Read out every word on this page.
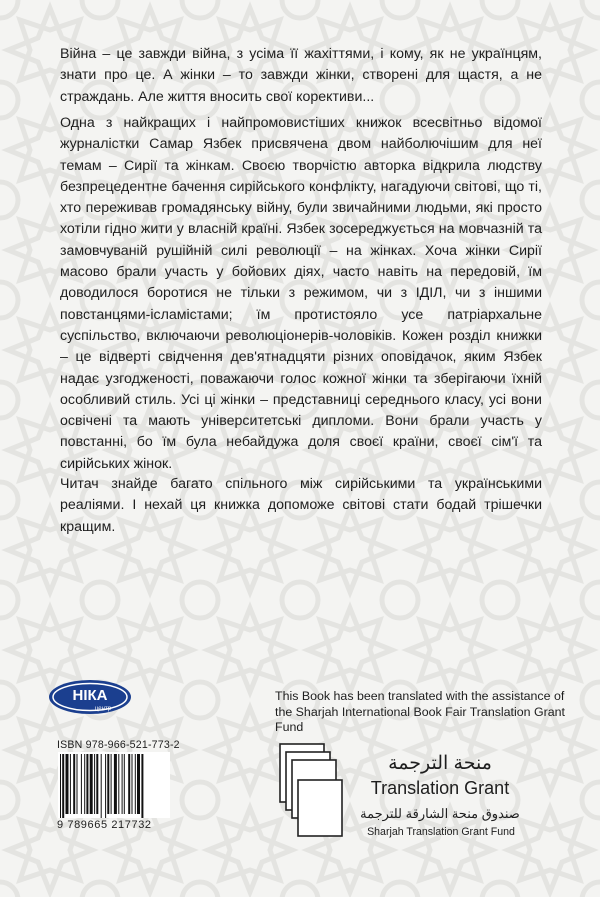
Війна – це завжди війна, з усіма її жахіттями, і кому, як не українцям, знати про це. А жінки – то завжди жінки, створені для щастя, а не страждань. Але життя вносить свої корективи...

Одна з найкращих і найпромовистіших книжок всесвітньо відомої журналістки Самар Язбек присвячена двом найболючішим для неї темам – Сирії та жінкам. Своєю творчістю авторка відкрила людству безпрецедентне бачення сирійського конфлікту, нагадуючи світові, що ті, хто переживав громадянську війну, були звичайними людьми, які просто хотіли гідно жити у власній країні. Язбек зосереджується на мовчазній та замовчуваній рушійній силі революції – на жінках. Хоча жінки Сирії масово брали участь у бойових діях, часто навіть на передовій, їм доводилося боротися не тільки з режимом, чи з ІДІЛ, чи з іншими повстанцями-ісламістами; їм протистояло усе патріархальне суспільство, включаючи революціонерів-чоловіків. Кожен розділ книжки – це відверті свідчення дев'ятнадцяти різних оповідачок, яким Язбек надає узгодженості, поважаючи голос кожної жінки та зберігаючи їхній особливий стиль. Усі ці жінки – представниці середнього класу, усі вони освічені та мають університетські дипломи. Вони брали участь у повстанні, бо їм була небайдужа доля своєї країни, своєї сім'ї та сирійських жінок.

Читач знайде багато спільного між сирійськими та українськими реаліями. І нехай ця книжка допоможе світові стати бодай трішечки кращим.

НІКА
центр
This Book has been translated with the assistance of the Sharjah International Book Fair Translation Grant Fund
ISBN 978-966-521-773-2
9 789665 217732
منحة الترجمة
Translation Grant
صندوق منحة الشارقة للترجمة
Sharjah Translation Grant Fund
